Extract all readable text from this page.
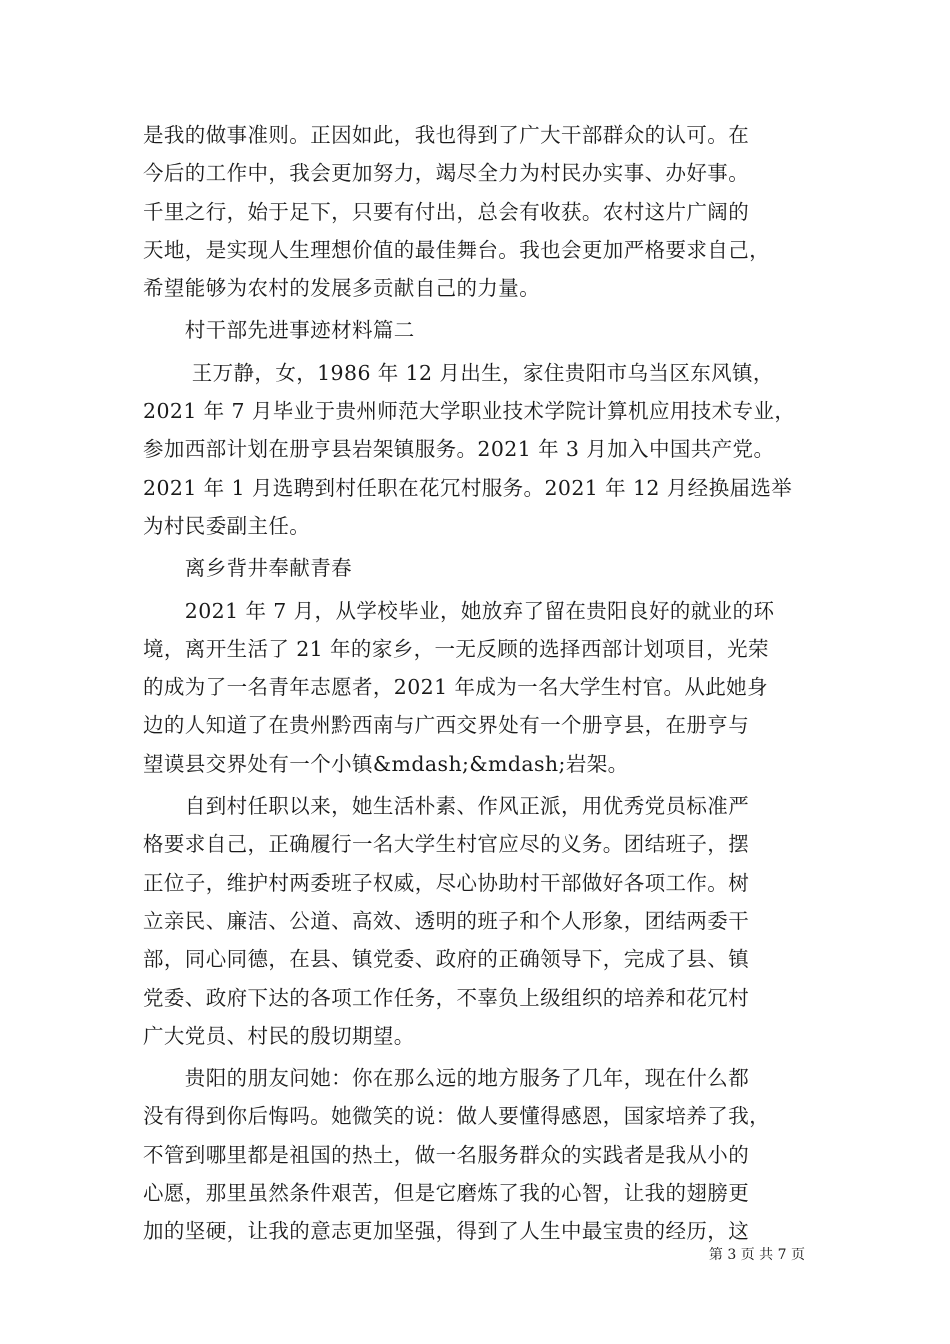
是我的做事准则。正因如此，我也得到了广大干部群众的认可。在
今后的工作中，我会更加努力，竭尽全力为村民办实事、办好事。
千里之行，始于足下，只要有付出，总会有收获。农村这片广阔的
天地，是实现人生理想价值的最佳舞台。我也会更加严格要求自己，
希望能够为农村的发展多贡献自己的力量。
　　村干部先进事迹材料篇二
　　 王万静，女，1986 年 12 月出生，家住贵阳市乌当区东风镇，
2021 年 7 月毕业于贵州师范大学职业技术学院计算机应用技术专业，
参加西部计划在册亨县岩架镇服务。2021 年 3 月加入中国共产党。
2021 年 1 月选聘到村任职在花冗村服务。2021 年 12 月经换届选举
为村民委副主任。
　　离乡背井奉献青春
　　2021 年 7 月，从学校毕业，她放弃了留在贵阳良好的就业的环
境，离开生活了 21 年的家乡，一无反顾的选择西部计划项目，光荣
的成为了一名青年志愿者，2021 年成为一名大学生村官。从此她身
边的人知道了在贵州黔西南与广西交界处有一个册亨县，在册亨与
望谟县交界处有一个小镇&mdash;&mdash;岩架。
　　自到村任职以来，她生活朴素、作风正派，用优秀党员标准严
格要求自己，正确履行一名大学生村官应尽的义务。团结班子，摆
正位子，维护村两委班子权威，尽心协助村干部做好各项工作。树
立亲民、廉洁、公道、高效、透明的班子和个人形象，团结两委干
部，同心同德，在县、镇党委、政府的正确领导下，完成了县、镇
党委、政府下达的各项工作任务，不辜负上级组织的培养和花冗村
广大党员、村民的殷切期望。
　　贵阳的朋友问她：你在那么远的地方服务了几年，现在什么都
没有得到你后悔吗。她微笑的说：做人要懂得感恩，国家培养了我，
不管到哪里都是祖国的热土，做一名服务群众的实践者是我从小的
心愿，那里虽然条件艰苦，但是它磨炼了我的心智，让我的翅膀更
加的坚硬，让我的意志更加坚强，得到了人生中最宝贵的经历，这
第 3 页 共 7 页
